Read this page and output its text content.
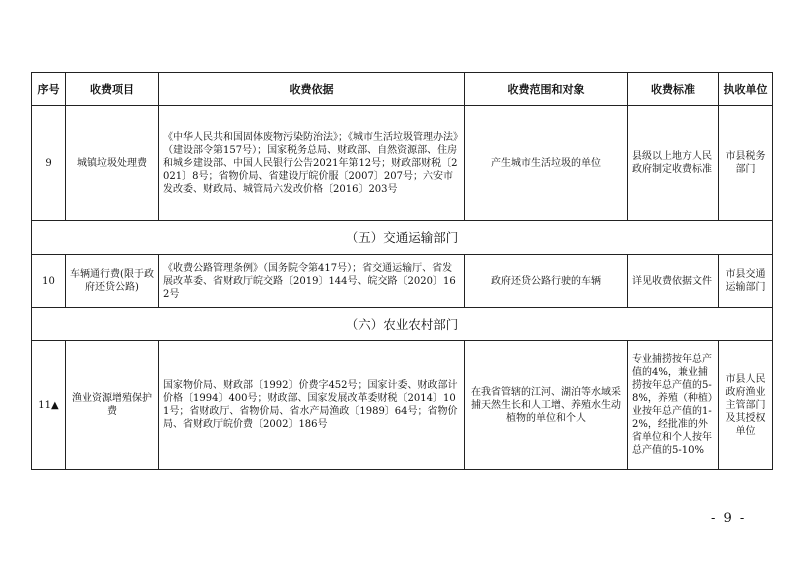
序号	收费项目	收费依据	收费范围和对象	收费标准	执收单位
9	城镇垃圾处理费	《中华人民共和国固体废物污染防治法》；《城市生活垃圾管理办法》（建设部令第157号）；国家税务总局、财政部、自然资源部、住房和城乡建设部、中国人民银行公告2021年第12号；财政部财税〔2021〕8号；省物价局、省建设厅皖价服〔2007〕207号；六安市发改委、财政局、城管局六发改价格〔2016〕203号	产生城市生活垃圾的单位	县级以上地方人民政府制定收费标准	市县税务部门
（五）交通运输部门					
10	车辆通行费(限于政府还贷公路)	《收费公路管理条例》（国务院令第417号）；省交通运输厅、省发展改革委、省财政厅皖交路〔2019〕144号、皖交路〔2020〕162号	政府还贷公路行驶的车辆	详见收费依据文件	市县交通运输部门
（六）农业农村部门					
11▲	渔业资源增殖保护费	国家物价局、财政部〔1992〕价费字452号；国家计委、财政部计价格〔1994〕400号；财政部、国家发展改革委财税〔2014〕101号；省财政厅、省物价局、省水产局渔政〔1989〕64号；省物价局、省财政厅皖价费〔2002〕186号	在我省管辖的江河、湖泊等水域采捕天然生长和人工增、养殖水生动植物的单位和个人	专业捕捞按年总产值的4%，兼业捕捞按年总产值的5-8%，养殖（种植）业按年总产值的1-2%，经批准的外省单位和个人按年总产值的5-10%	市县人民政府渔业主管部门及其授权单位
- 9 -
